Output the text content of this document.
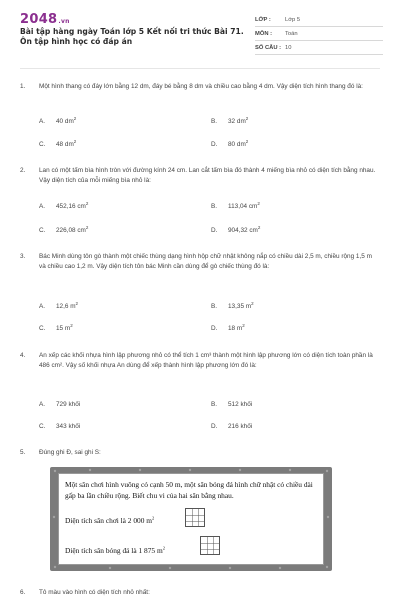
2048.vn
Bài tập hàng ngày Toán lớp 5 Kết nối tri thức Bài 71. Ôn tập hình học có đáp án
LỚP : Lớp 5
MÔN : Toán
SỐ CÂU : 10
1. Một hình thang có đáy lớn bằng 12 dm, đáy bé bằng 8 dm và chiều cao bằng 4 dm. Vậy diện tích hình thang đó là:
A. 40 $dm^2$	B. 32 $dm^2$
C. 48 $dm^2$	D. 80 $dm^2$
2. Lan có một tấm bìa hình tròn với đường kính 24 cm. Lan cắt tấm bìa đó thành 4 miếng bìa nhỏ có diện tích bằng nhau. Vậy diện tích của mỗi miếng bìa nhỏ là:
A. 452,16 $cm^2$	B. 113,04 $cm^2$
C. 226,08 $cm^2$	D. 904,32 $cm^2$
3. Bác Minh dùng tôn gò thành một chiếc thùng dạng hình hộp chữ nhật không nắp có chiều dài 2,5 m, chiều rộng 1,5 m và chiều cao 1,2 m. Vậy diện tích tôn bác Minh cần dùng để gò chiếc thùng đó là:
A. 12,6 $m^2$	B. 13,35 $m^2$
C. 15 $m^2$	D. 18 $m^2$
4. An xếp các khối nhựa hình lập phương nhỏ có thể tích 1 cm³ thành một hình lập phương lớn có diện tích toàn phần là 486 cm². Vậy số khối nhựa An dùng để xếp thành hình lập phương lớn đó là:
A. 729 khối	B. 512 khối
C. 343 khối	D. 216 khối
5. Đúng ghi Đ, sai ghi S:
Một sân chơi hình vuông có cạnh 50 m, một sân bóng đá hình chữ nhật có chiều dài gấp ba lần chiều rộng. Biết chu vi của hai sân bằng nhau.
Diện tích sân chơi là 2 000 $m^2$
Diện tích sân bóng đá là 1 875 $m^2$
6. Tô màu vào hình có diện tích nhỏ nhất:
